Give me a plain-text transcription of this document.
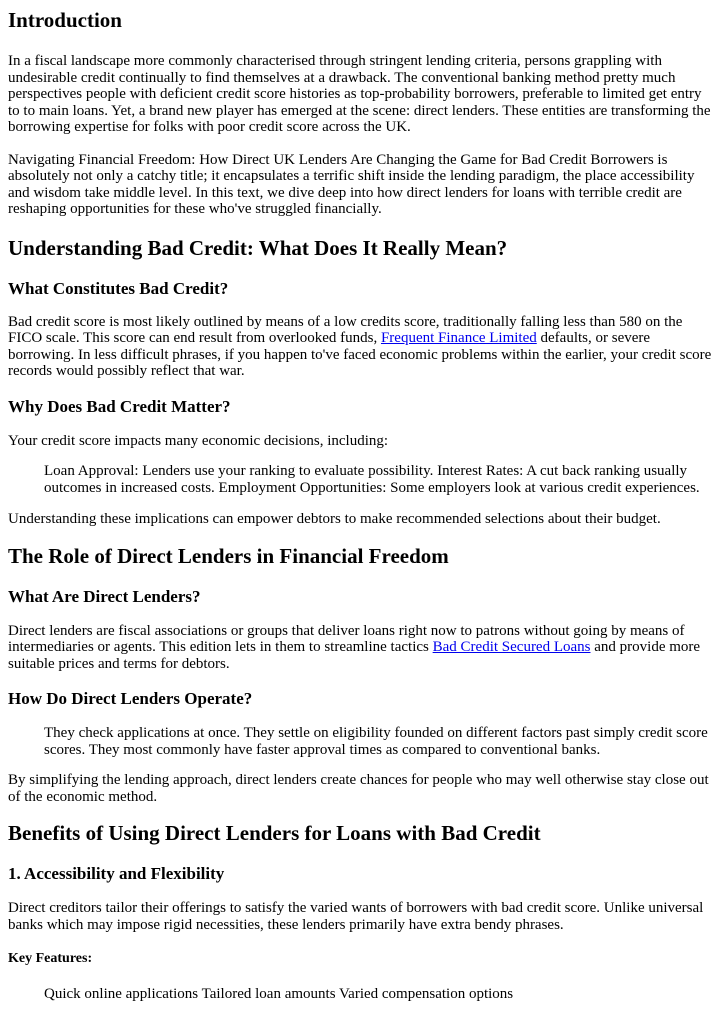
Introduction

In a fiscal landscape more commonly characterised through stringent lending criteria, persons grappling with undesirable credit continually to find themselves at a drawback. The conventional banking method pretty much perspectives people with deficient credit score histories as top-probability borrowers, preferable to limited get entry to to main loans. Yet, a brand new player has emerged at the scene: direct lenders. These entities are transforming the borrowing expertise for folks with poor credit score across the UK.

Navigating Financial Freedom: How Direct UK Lenders Are Changing the Game for Bad Credit Borrowers is absolutely not only a catchy title; it encapsulates a terrific shift inside the lending paradigm, the place accessibility and wisdom take middle level. In this text, we dive deep into how direct lenders for loans with terrible credit are reshaping opportunities for these who've struggled financially.

Understanding Bad Credit: What Does It Really Mean?
What Constitutes Bad Credit?

Bad credit score is most likely outlined by means of a low credits score, traditionally falling less than 580 on the FICO scale. This score can end result from overlooked funds, Frequent Finance Limited defaults, or severe borrowing. In less difficult phrases, if you happen to've faced economic problems within the earlier, your credit score records would possibly reflect that war.

Why Does Bad Credit Matter?

Your credit score impacts many economic decisions, including:

Loan Approval: Lenders use your ranking to evaluate possibility. Interest Rates: A cut back ranking usually outcomes in increased costs. Employment Opportunities: Some employers look at various credit experiences.

Understanding these implications can empower debtors to make recommended selections about their budget.

The Role of Direct Lenders in Financial Freedom
What Are Direct Lenders?

Direct lenders are fiscal associations or groups that deliver loans right now to patrons without going by means of intermediaries or agents. This edition lets in them to streamline tactics Bad Credit Secured Loans and provide more suitable prices and terms for debtors.

How Do Direct Lenders Operate?

They check applications at once. They settle on eligibility founded on different factors past simply credit score scores. They most commonly have faster approval times as compared to conventional banks.

By simplifying the lending approach, direct lenders create chances for people who may well otherwise stay close out of the economic method.

Benefits of Using Direct Lenders for Loans with Bad Credit
1. Accessibility and Flexibility

Direct creditors tailor their offerings to satisfy the varied wants of borrowers with bad credit score. Unlike universal banks which may impose rigid necessities, these lenders primarily have extra bendy phrases.

Key Features:

Quick online applications Tailored loan amounts Varied compensation options
